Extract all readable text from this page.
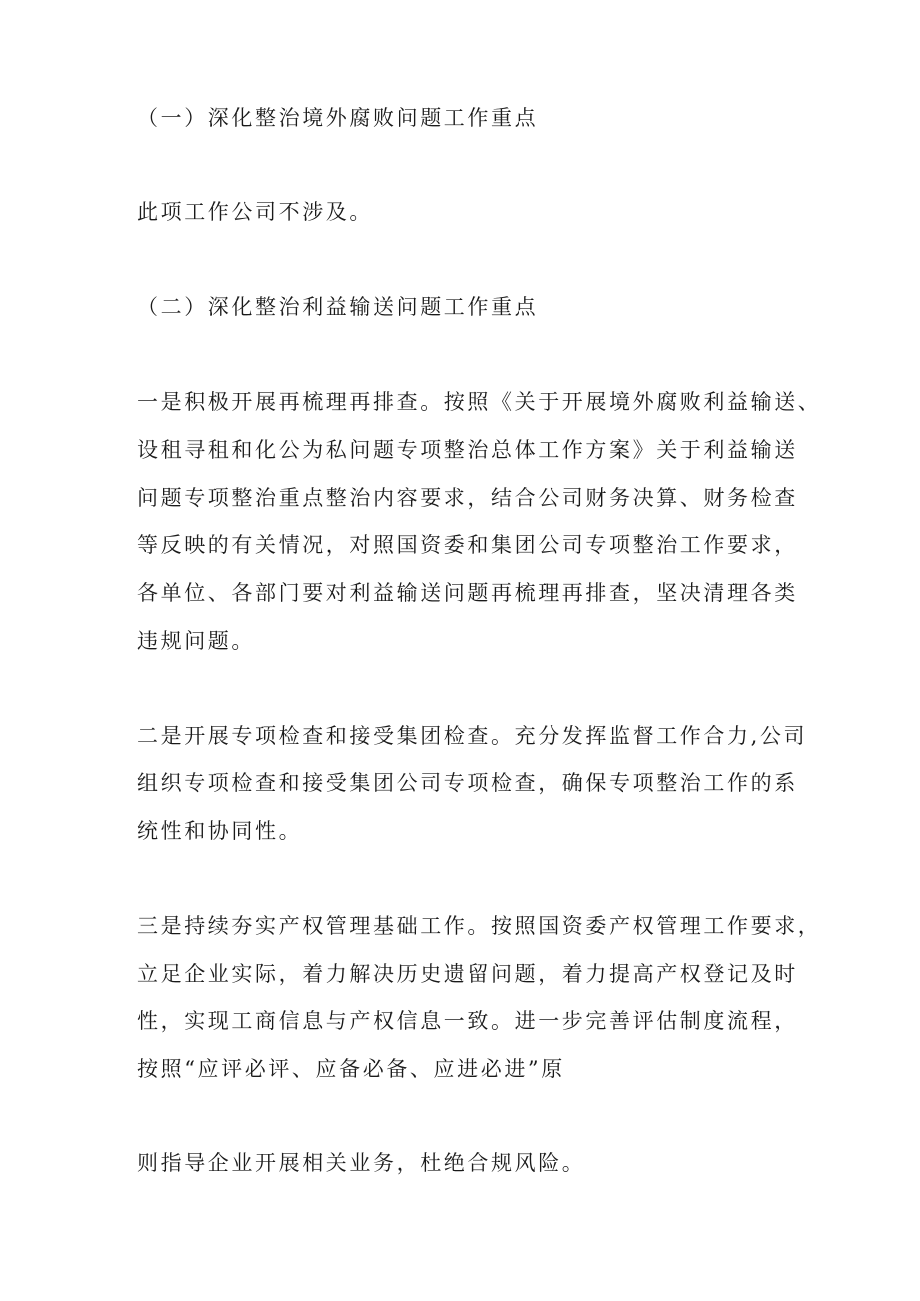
（一）深化整治境外腐败问题工作重点
此项工作公司不涉及。
（二）深化整治利益输送问题工作重点
一是积极开展再梳理再排查。按照《关于开展境外腐败利益输送、
设租寻租和化公为私问题专项整治总体工作方案》关于利益输送
问题专项整治重点整治内容要求，结合公司财务决算、财务检查
等反映的有关情况，对照国资委和集团公司专项整治工作要求，
各单位、各部门要对利益输送问题再梳理再排查，坚决清理各类
违规问题。
二是开展专项检查和接受集团检查。充分发挥监督工作合力,公司
组织专项检查和接受集团公司专项检查，确保专项整治工作的系
统性和协同性。
三是持续夯实产权管理基础工作。按照国资委产权管理工作要求，
立足企业实际，着力解决历史遗留问题，着力提高产权登记及时
性，实现工商信息与产权信息一致。进一步完善评估制度流程，
按照“应评必评、应备必备、应进必进”原
则指导企业开展相关业务，杜绝合规风险。
